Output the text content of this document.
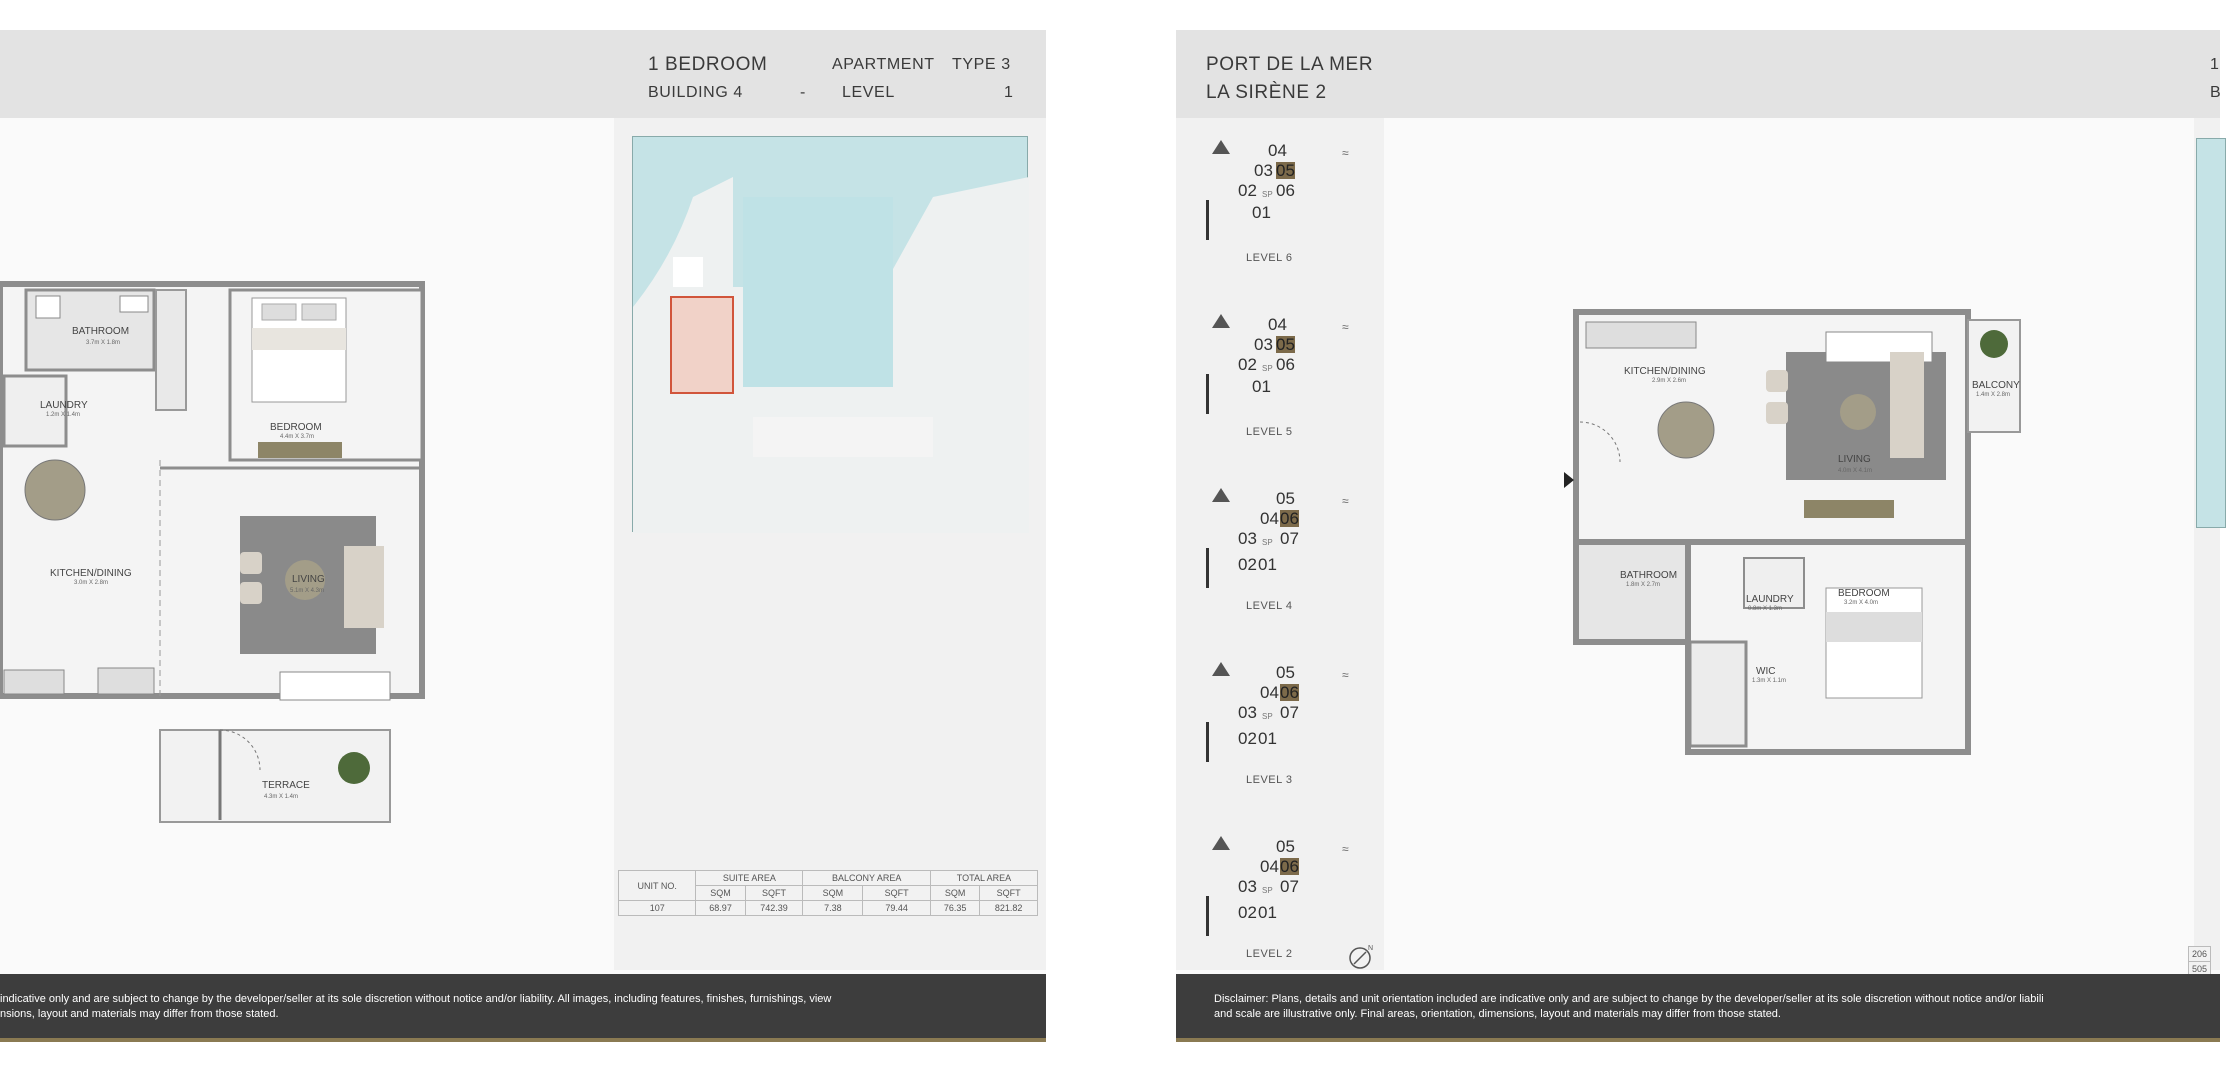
1 BEDROOM	APARTMENT TYPE 3
BUILDING 4	- LEVEL	1
BATHROOM
3.7m X 1.8m
LAUNDRY
1.2m X 1.4m
BEDROOM
4.4m X 3.7m
KITCHEN/DINING
3.0m X 2.8m	LIVING
5.1m X 4.3m
TERRACE
4.3m X 1.4m
UNIT NO.	SUITE AREA		BALCONY AREA		TOTAL AREA	
	SQM	SQFT	SQM	SQFT	SQM	SQFT
107	68.97	742.39	7.38	79.44	76.35	821.82
indicative only and are subject to change by the developer/seller at its sole discretion without notice and/or liability. All images, including features, finishes, furnishings, view
nsions, layout and materials may differ from those stated.
PORT DE LA MER
LA SIRÈNE 2
1
B
04
03 05
02 06
01
SP
LEVEL 6
≈
04
03 05
02 06
01
SP
LEVEL 5
≈
05
04 06
03 07
02 01
SP
LEVEL 4
≈
05
04 06
03 07
02 01
SP
LEVEL 3
≈
05
04 06
03 07
02 01
SP
LEVEL 2
≈
KITCHEN/DINING
2.9m X 2.6m
LIVING
4.0m X 4.1m
BALCONY
1.4m X 2.8m
BATHROOM
1.8m X 2.7m
LAUNDRY
0.8m X 1.3m
BEDROOM
3.2m X 4.0m
WIC
1.3m X 1.1m
206
505
N
Disclaimer: Plans, details and unit orientation included are indicative only and are subject to change by the developer/seller at its sole discretion without notice and/or liabili
and scale are illustrative only. Final areas, orientation, dimensions, layout and materials may differ from those stated.
